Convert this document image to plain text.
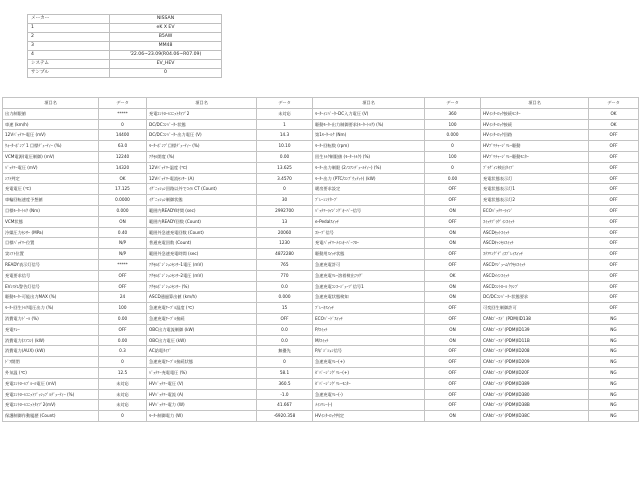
メーカー	NISSAN
1	eK X EV
2	B5AW
3	MM48
4	'22.06~23.09(R04.06~R07.09)
システム	EV_HEV
サンプル	0
項目名	データ	項目名	データ	項目名	データ	項目名	データ
出力制限値	*****	充電ｺﾝﾄﾛｰﾙﾕﾆｯﾄﾀｲﾌﾟ2	未対応	ﾓｰﾀｰｲﾝﾊﾞｰﾀｰDC入力電圧 (V)	360	HVｲﾝﾀｰﾛｯｸ接続ﾓﾆﾀｰ	OK
車速 (km/h)	0	DC/DCｺﾝﾊﾞｰﾀｰ状態	1	駆動ﾓｰﾀｰ出力制御要求(ﾓｰﾀｰﾄﾙｸ) (%)	100	HVｲﾝﾀｰﾛｯｸ接続	OK
12Vﾊﾞｯﾃﾘｰ電圧 (mV)	14400	DC/DCｺﾝﾊﾞｰﾀｰ出力電圧 (V)	14.3	第1ﾓｰﾀｰﾙｸ (Nm)	0.000	HVｲﾝﾀｰﾛｯｸ回路	OFF
ｳｫｰﾀｰﾎﾟﾝﾌﾟ1 目標ﾃﾞｭｰﾃｨｰ (%)	63.0	ﾓｰﾀｰﾎﾟﾝﾌﾟ目標ﾃﾞｭｰﾃｨｰ (%)	10.10	ﾓｰﾀｰ回転数 (rpm)	0	HVﾌﾟﾘﾁｬｰｼﾞﾘﾚｰ駆動	OFF
VCM電源(電圧制御) (mV)	12240	ｱｸｾﾙ開度 (%)	0.00	回生ﾄﾙｸ制限値 (ﾓｰﾀｰﾄﾙｸ) (%)	100	HVﾌﾟﾘﾁｬｰｼﾞﾘﾚｰ駆動ﾓﾆﾀｰ	OFF
ﾊﾞｯﾃﾘｰ電圧 (mV)	14320	12Vﾊﾞｯﾃﾘｰ温度 (℃)	13.625	ﾓｰﾀｰ出力制限 (2ﾉｺｱﾝﾁﾞｭｰﾙﾃｨｰ) (%)	0	ﾌﾟﾗｸﾞｲﾝ検出ﾀｲﾌﾟ	OFF
ｼﾌﾄ判定	OK	12Vﾊﾞｯﾃﾘｰ電流ｾﾝｻｰ (A)	3.4570	ﾓｰﾀｰ出力 (PTC/ｺﾝﾌﾟｳｪﾃｯﾄ) (kW)	0.00	充電状態表示灯	OFF
充電電圧 (℃)	17.125	ｲｸﾞﾆｯｼｮﾝ回路以外でｺｲﾙ CT (Count)	0	暖房要求設定	OFF	充電状態表示灯1	OFF
車輪回転速度予想値	0.0000	ｲｸﾞﾆｯｼｮﾝ制御状態	30	ﾌﾟﾚｰﾝﾝﾅﾀｰﾌﾞ	OFF	充電状態表示灯2	OFF
目標ﾓｰﾀｰﾄﾙｸ (Nm)	0.000	範囲内READY時間 (sec)	2992700	ﾊﾞｯﾃﾘｰﾗｲｼﾞﾝｸﾞｵｰﾊﾞｰ信号	ON	ECOﾊﾞｯﾃﾘｰﾗｲｼﾞ	OFF
VCM状態	ON	範囲内READY回数 (Count)	13	e-Pedalｽｲｯﾁ	OFF	ｽｲｯﾁﾌﾟﾗｸﾞｲﾝｽｲｯﾁ	OFF
冷媒圧力ｾﾝｻｰ (MPa)	0.40	範囲外急速充電回数 (Count)	20060	ｽﾄｰﾌﾟ信号	ON	ASCDｾｯﾄｽｲｯﾁ	OFF
目標ﾊﾞｯﾃﾘｰ位置	N/P	普通充電回数 (Count)	1230	充電ﾊﾞｯﾃﾘｰﾒｲﾝｵｰﾊﾞｰﾌﾛｰ	ON	ASCDｷｬﾝｾﾙｽｲｯﾁ	OFF
実ｼﾌﾄ位置	N/P	範囲外急速充電時間 (sec)	4872280	駆動用ｽｲｯﾁ状態	OFF	ｽﾃｱﾘﾝｸﾞﾃﾞｨｽﾌﾟﾚｲｽｲｯﾁ	OFF
READY表示灯信号	*****	ｱｸｾﾙﾎﾟｼﾞｼｮﾝｾﾝｻｰ1電圧 (mV)	765	急速充電許可	OFF	ASCDﾘｼﾞｭｰﾑ/ｱｸｾﾙｽｲｯﾁ	OFF
充電要求信号	OFF	ｱｸｾﾙﾎﾟｼﾞｼｮﾝｾﾝｻｰ2電圧 (mV)	770	急速充電ﾘﾚｰ溶着検出ﾌﾗｸﾞ	OK	ASCDﾒｲﾝｽｲｯﾁ	OFF
EVｼｽﾃﾑ警告灯信号	OFF	ｱｸｾﾙﾎﾟｼﾞｼｮﾝｾﾝｻｰ (%)	0.0	急速充電ｺﾝｽｰｼﾞｭｰﾌﾟ信号1	ON	ASCDｺﾝﾄﾛｰﾙ ｸﾗﾝﾌﾟ	OFF
駆動ﾓｰﾀｰ可能出力MAX (%)	24	ASCD通過算出値 (km/h)	0.000	急速充電状態検知	ON	DC/DCｺﾝﾊﾞｰﾀｰ状態要求	OFF
ﾓｰﾀｰ回生ﾄﾙｸ電圧出力 (%)	100	急速充電ｹｰﾌﾞﾙ温度 (℃)	15	ﾌﾞﾚｰｷｽｲｯﾁ	OFF	可変回生制御許可	OFF
消費電力ﾄﾞｰﾙ (%)	0.00	急速充電ｹｰﾌﾞﾙ接続	OFF	ECOﾊﾞｰﾄﾞｽｲｯﾁ	OFF	CANｺﾞｰｽﾄﾞ (PDM)ID138	NG
充電ﾘﾚｰ	OFF	OBC出力電流制御 (kW)	0.0	P/ｽｲｯﾁ	ON	CANｺﾞｰｽﾄﾞ(PDM)ID139	NG
消費電力(ｴｱｺﾝ) (kW)	0.00	OBC出力電圧 (kW)	0.0	M/ｽｲｯﾁ	ON	CANｺﾞｰｽﾄﾞ(PDM)ID11B	NG
消費電力(AUX) (kW)	0.3	AC給電ﾀｲﾌﾟ	無優先	P/ﾎﾟｼﾞｼｮﾝ信号	OFF	CANｺﾞｰｽﾄﾞ(PDM)ID208	NG
ﾄﾞｱ開閉	0	急速充電ｹｰﾌﾞﾙ接続状態	0	急速充電ﾘﾚｰ(+)	OFF	CANｺﾞｰｽﾄﾞ(PDM)ID209	NG
外気温 (℃)	12.5	ﾊﾞｯﾃﾘｰ充電電圧 (%)	58.1	ｶﾞﾊﾞｰｼﾞﾝｸﾞﾘﾚｰ(+)	OFF	CANｺﾞｰｽﾄﾞ(PDM)ID20F	NG
充電ｺﾝﾄﾛｰﾙﾌﾟﾙｰﾙ電圧 (mV)	未対応	HVﾊﾞｯﾃﾘｰ電圧 (V)	360.5	ｶﾞﾊﾞｰｼﾞﾝｸﾞﾘﾚｰﾓﾆﾀｰ	OFF	CANｺﾞｰｽﾄﾞ(PDM)ID389	NG
充電ｺﾝﾄﾛｰﾙﾕﾆｯﾄﾌﾟｯｼｭﾌﾟﾙﾃﾞｭｰﾃｨｰ (%)	未対応	HVﾊﾞｯﾃﾘｰ電流 (A)	-1.0	急速充電ﾘﾚｰ(-)	OFF	CANｺﾞｰｽﾄﾞ(PDM)ID380	NG
充電ｺﾝﾄﾛｰﾙﾕﾆｯﾄﾀｲﾌﾟ2(mV)	未対応	HVﾊﾞｯﾃﾘｰ電力 (W)	41.667	ﾒｲﾝﾘﾚｰ(-)	OFF	CANｺﾞｰｽﾄﾞ(PDM)ID38B	NG
保護制御作動履歴 (Count)	0	ﾓｰﾀｰ制御電力 (W)	-6920.358	HVｲﾝﾀｰﾛｯｸ判定	ON	CANｺﾞｰｽﾄﾞ(PDM)ID38C	NG
